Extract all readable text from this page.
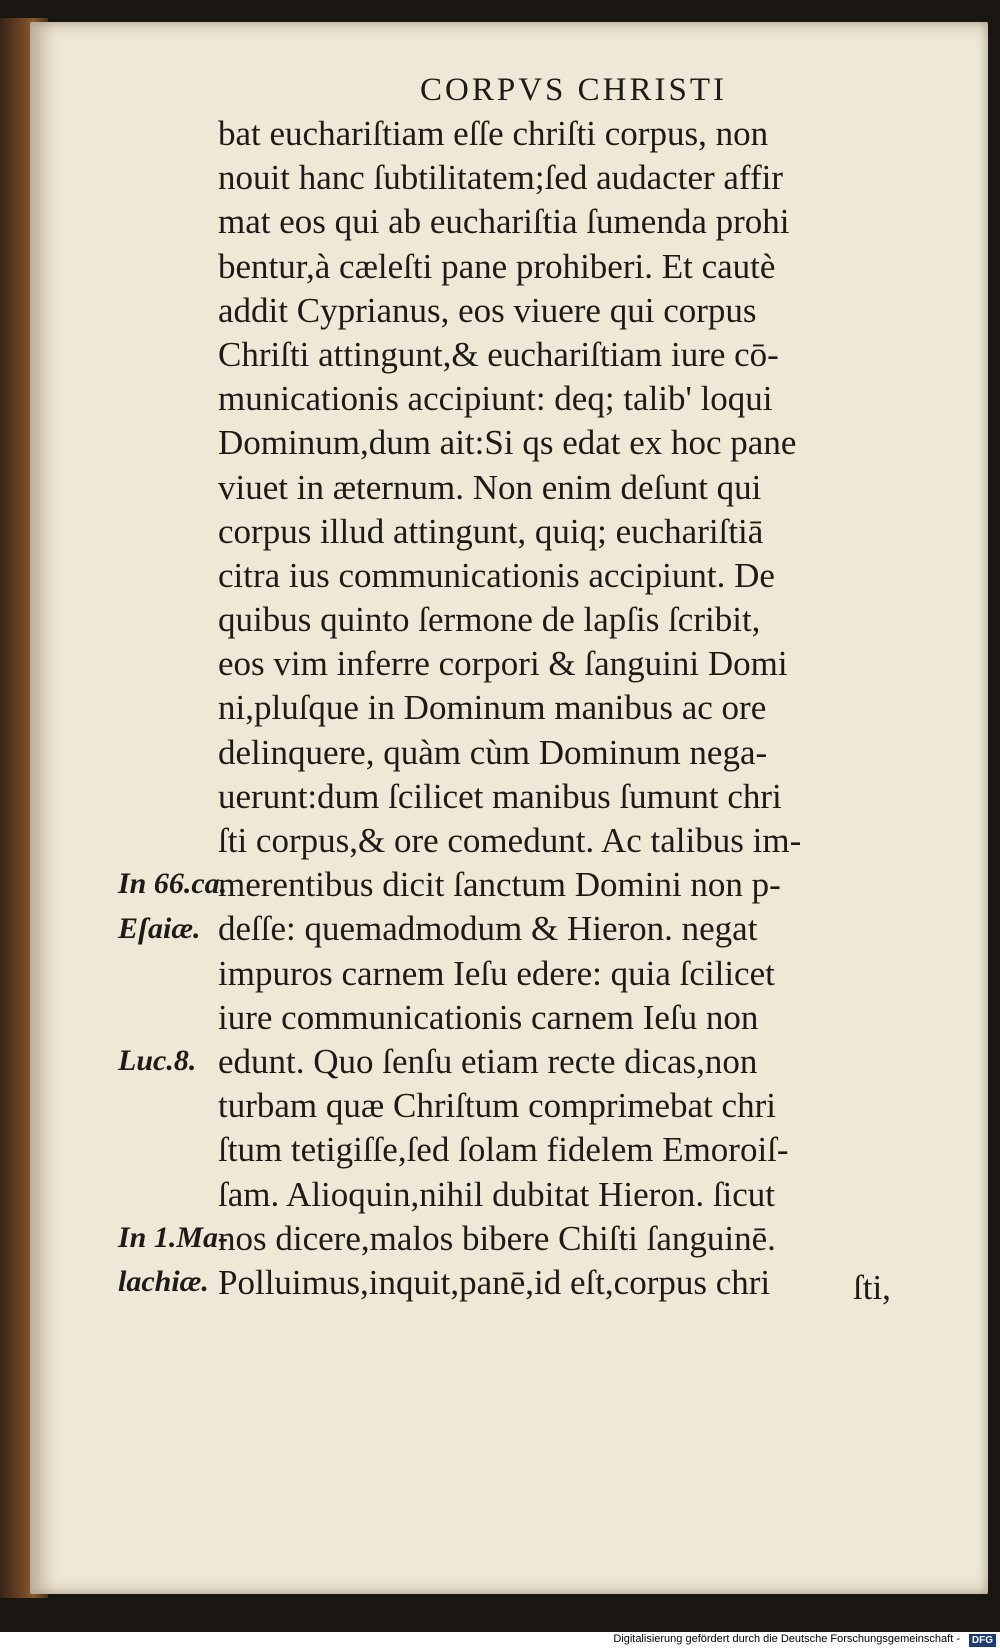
CORPVS CHRISTI
bat euchariſtiam eſſe chriſti corpus, non
nouit hanc ſubtilitatem;ſed audacter affir
mat eos qui ab euchariſtia ſumenda prohi
bentur,à cæleſti pane prohiberi. Et cautè
addit Cyprianus, eos viuere qui corpus
Chriſti attingunt,& euchariſtiam iure cō-
municationis accipiunt: deq; talib' loqui
Dominum,dum ait:Si qs edat ex hoc pane
viuet in æternum. Non enim deſunt qui
corpus illud attingunt, quiq; euchariſtiā
citra ius communicationis accipiunt. De
quibus quinto ſermone de lapſis ſcribit,
eos vim inferre corpori & ſanguini Domi
ni,pluſque in Dominum manibus ac ore
delinquere, quàm cùm Dominum nega-
uerunt:dum ſcilicet manibus ſumunt chri
ſti corpus,& ore comedunt. Ac talibus im-
merentibus dicit ſanctum Domini non p-
deſſe: quemadmodum & Hieron. negat
impuros carnem Ieſu edere: quia ſcilicet
iure communicationis carnem Ieſu non
edunt. Quo ſenſu etiam recte dicas,non
turbam quæ Chriſtum comprimebat chri
ſtum tetigiſſe,ſed ſolam fidelem Emoroiſ-
ſam. Alioquin,nihil dubitat Hieron. ſicut
nos dicere,malos bibere Chiſti ſanguinē.
Polluimus,inquit,panē,id eſt,corpus chri
In 66.ca.
Eſaiæ.
Luc.8.
In 1.Ma-
lachiæ.	ſti,
Digitalisierung gefördert durch die Deutsche Forschungsgemeinschaft -	DFG
